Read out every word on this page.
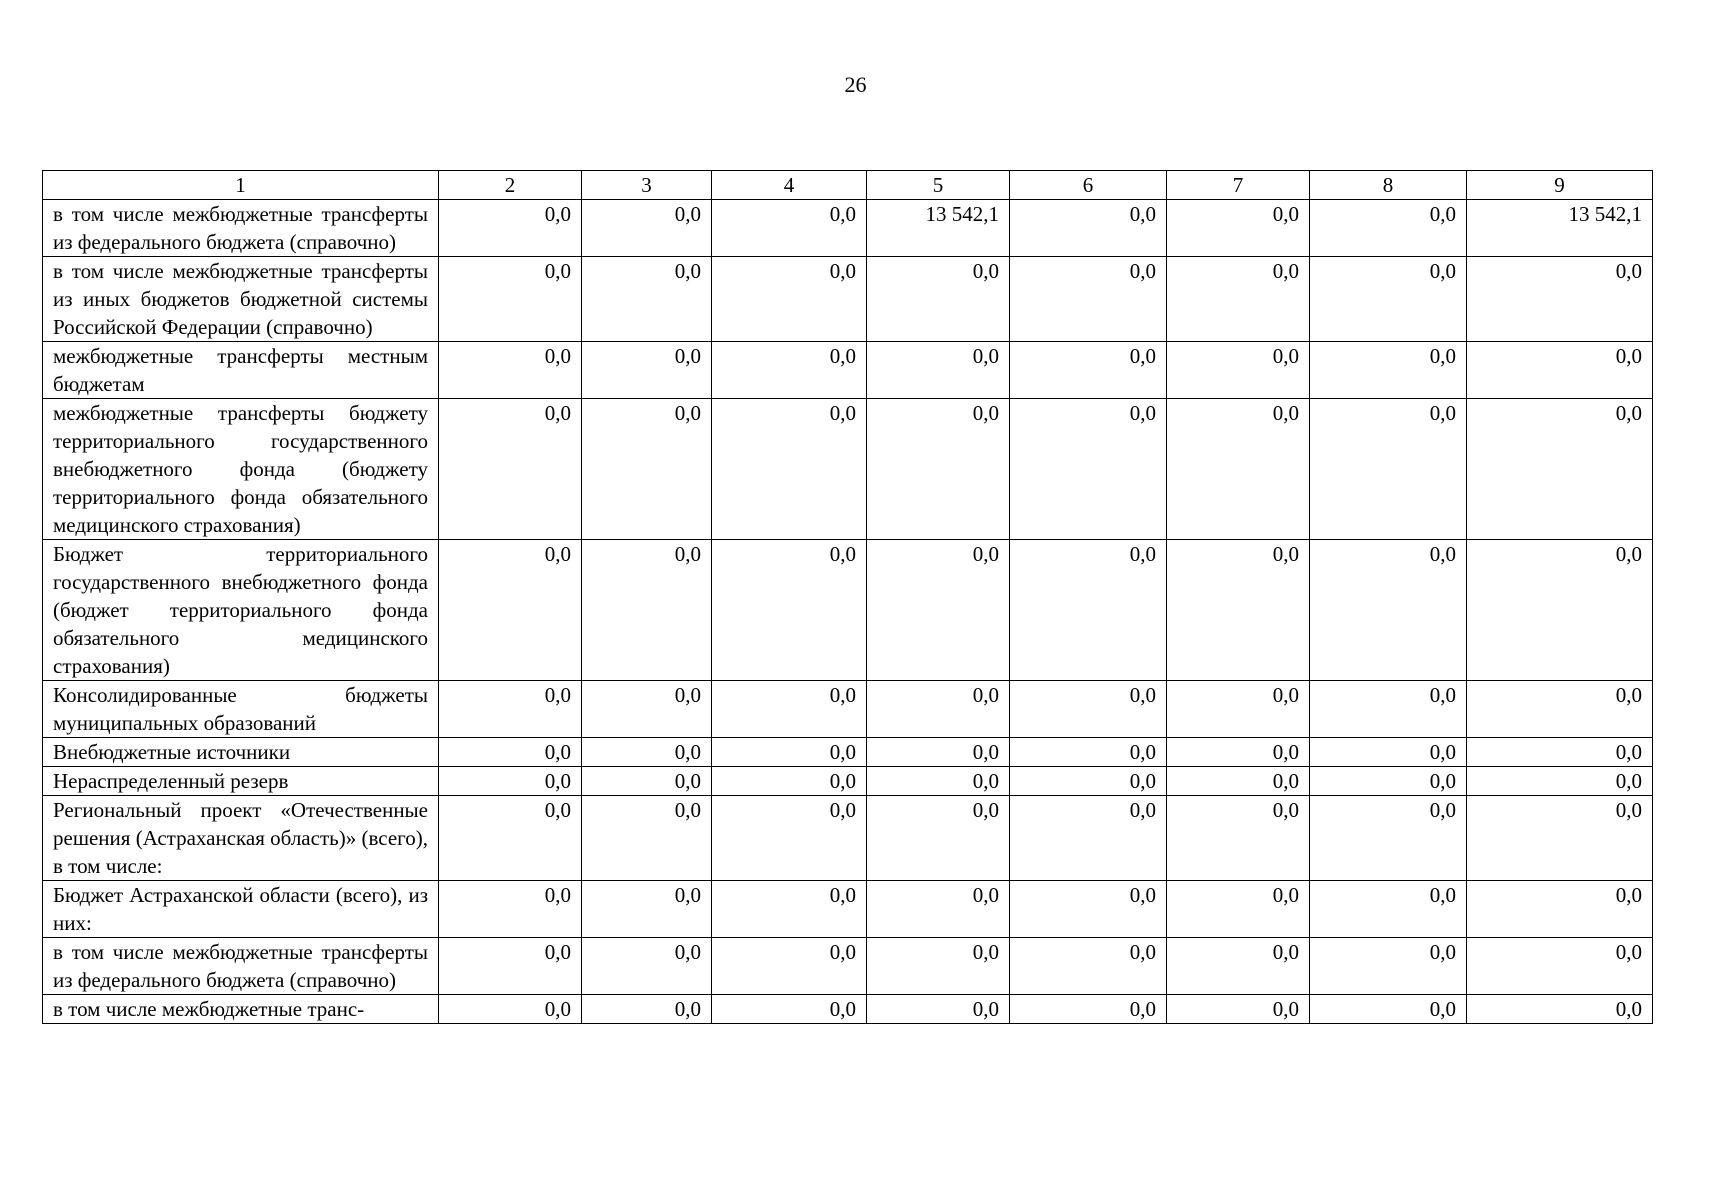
26
1	2	3	4	5	6	7	8	9
в том числе межбюджетные трансферты из федерального бюджета (справочно)	0,0	0,0	0,0	13 542,1	0,0	0,0	0,0	13 542,1
в том числе межбюджетные трансферты из иных бюджетов бюджетной системы Российской Федерации (справочно)	0,0	0,0	0,0	0,0	0,0	0,0	0,0	0,0
межбюджетные трансферты местным бюджетам	0,0	0,0	0,0	0,0	0,0	0,0	0,0	0,0
межбюджетные трансферты бюджету территориального государственного внебюджетного фонда (бюджету территориального фонда обязательного медицинского страхования)	0,0	0,0	0,0	0,0	0,0	0,0	0,0	0,0
Бюджет территориального государственного внебюджетного фонда (бюджет территориального фонда обязательного медицинского страхования)	0,0	0,0	0,0	0,0	0,0	0,0	0,0	0,0
Консолидированные бюджеты муниципальных образований	0,0	0,0	0,0	0,0	0,0	0,0	0,0	0,0
Внебюджетные источники	0,0	0,0	0,0	0,0	0,0	0,0	0,0	0,0
Нераспределенный резерв	0,0	0,0	0,0	0,0	0,0	0,0	0,0	0,0
Региональный проект «Отечественные решения (Астраханская область)» (всего), в том числе:	0,0	0,0	0,0	0,0	0,0	0,0	0,0	0,0
Бюджет Астраханской области (всего), из них:	0,0	0,0	0,0	0,0	0,0	0,0	0,0	0,0
в том числе межбюджетные трансферты из федерального бюджета (справочно)	0,0	0,0	0,0	0,0	0,0	0,0	0,0	0,0
в том числе межбюджетные транс-	0,0	0,0	0,0	0,0	0,0	0,0	0,0	0,0
